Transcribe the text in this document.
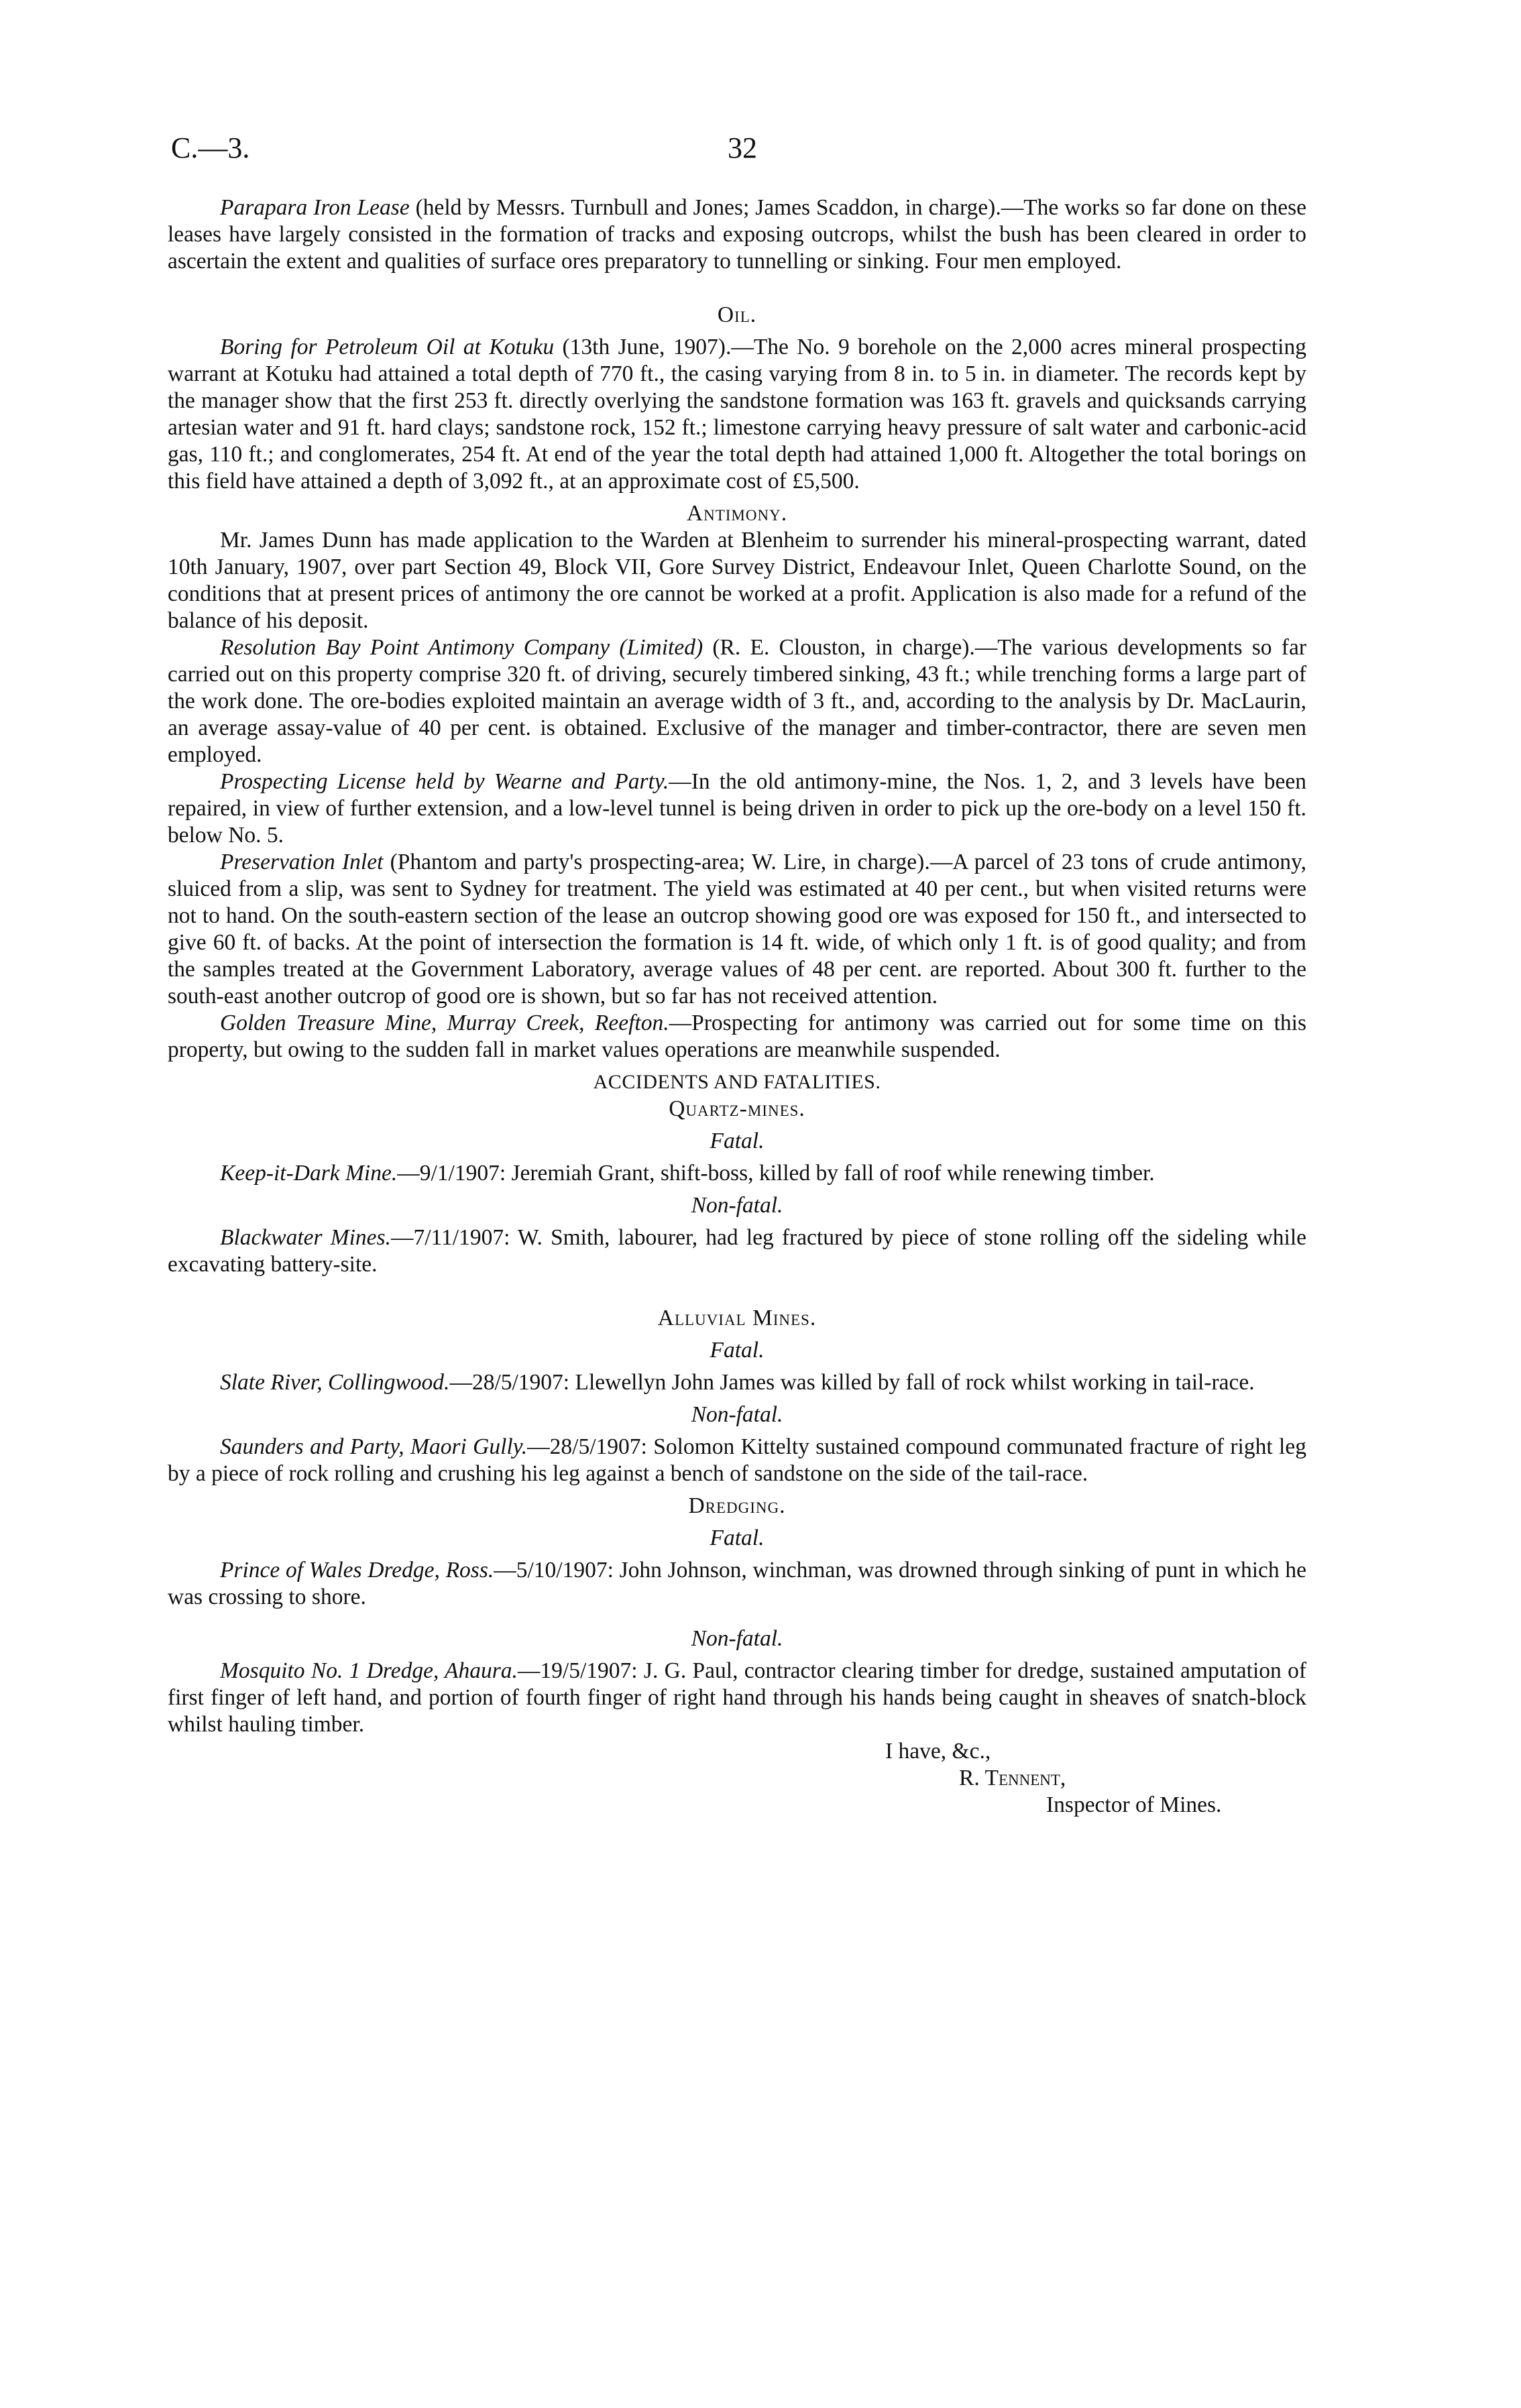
C.—3.	32

Parapara Iron Lease (held by Messrs. Turnbull and Jones; James Scaddon, in charge).—The works so far done on these leases have largely consisted in the formation of tracks and exposing outcrops, whilst the bush has been cleared in order to ascertain the extent and qualities of surface ores preparatory to tunnelling or sinking. Four men employed.

Oil.

Boring for Petroleum Oil at Kotuku (13th June, 1907).—The No. 9 borehole on the 2,000 acres mineral prospecting warrant at Kotuku had attained a total depth of 770 ft., the casing varying from 8 in. to 5 in. in diameter. The records kept by the manager show that the first 253 ft. directly overlying the sandstone formation was 163 ft. gravels and quicksands carrying artesian water and 91 ft. hard clays; sandstone rock, 152 ft.; limestone carrying heavy pressure of salt water and carbonic-acid gas, 110 ft.; and conglomerates, 254 ft. At end of the year the total depth had attained 1,000 ft. Altogether the total borings on this field have attained a depth of 3,092 ft., at an approximate cost of £5,500.

Antimony.

Mr. James Dunn has made application to the Warden at Blenheim to surrender his mineral-prospecting warrant, dated 10th January, 1907, over part Section 49, Block VII, Gore Survey District, Endeavour Inlet, Queen Charlotte Sound, on the conditions that at present prices of antimony the ore cannot be worked at a profit. Application is also made for a refund of the balance of his deposit.

Resolution Bay Point Antimony Company (Limited) (R. E. Clouston, in charge).—The various developments so far carried out on this property comprise 320 ft. of driving, securely timbered sinking, 43 ft.; while trenching forms a large part of the work done. The ore-bodies exploited maintain an average width of 3 ft., and, according to the analysis by Dr. MacLaurin, an average assay-value of 40 per cent. is obtained. Exclusive of the manager and timber-contractor, there are seven men employed.

Prospecting License held by Wearne and Party.—In the old antimony-mine, the Nos. 1, 2, and 3 levels have been repaired, in view of further extension, and a low-level tunnel is being driven in order to pick up the ore-body on a level 150 ft. below No. 5.

Preservation Inlet (Phantom and party's prospecting-area; W. Lire, in charge).—A parcel of 23 tons of crude antimony, sluiced from a slip, was sent to Sydney for treatment. The yield was estimated at 40 per cent., but when visited returns were not to hand. On the south-eastern section of the lease an outcrop showing good ore was exposed for 150 ft., and intersected to give 60 ft. of backs. At the point of intersection the formation is 14 ft. wide, of which only 1 ft. is of good quality; and from the samples treated at the Government Laboratory, average values of 48 per cent. are reported. About 300 ft. further to the south-east another outcrop of good ore is shown, but so far has not received attention.

Golden Treasure Mine, Murray Creek, Reefton.—Prospecting for antimony was carried out for some time on this property, but owing to the sudden fall in market values operations are meanwhile suspended.

ACCIDENTS AND FATALITIES.

Quartz-mines.

Fatal.

Keep-it-Dark Mine.—9/1/1907: Jeremiah Grant, shift-boss, killed by fall of roof while renewing timber.

Non-fatal.

Blackwater Mines.—7/11/1907: W. Smith, labourer, had leg fractured by piece of stone rolling off the sideling while excavating battery-site.

Alluvial Mines.

Fatal.

Slate River, Collingwood.—28/5/1907: Llewellyn John James was killed by fall of rock whilst working in tail-race.

Non-fatal.

Saunders and Party, Maori Gully.—28/5/1907: Solomon Kittelty sustained compound communated fracture of right leg by a piece of rock rolling and crushing his leg against a bench of sandstone on the side of the tail-race.

Dredging.

Fatal.

Prince of Wales Dredge, Ross.—5/10/1907: John Johnson, winchman, was drowned through sinking of punt in which he was crossing to shore.

Non-fatal.

Mosquito No. 1 Dredge, Ahaura.—19/5/1907: J. G. Paul, contractor clearing timber for dredge, sustained amputation of first finger of left hand, and portion of fourth finger of right hand through his hands being caught in sheaves of snatch-block whilst hauling timber.

I have, &c.,

R. Tennent,

Inspector of Mines.
